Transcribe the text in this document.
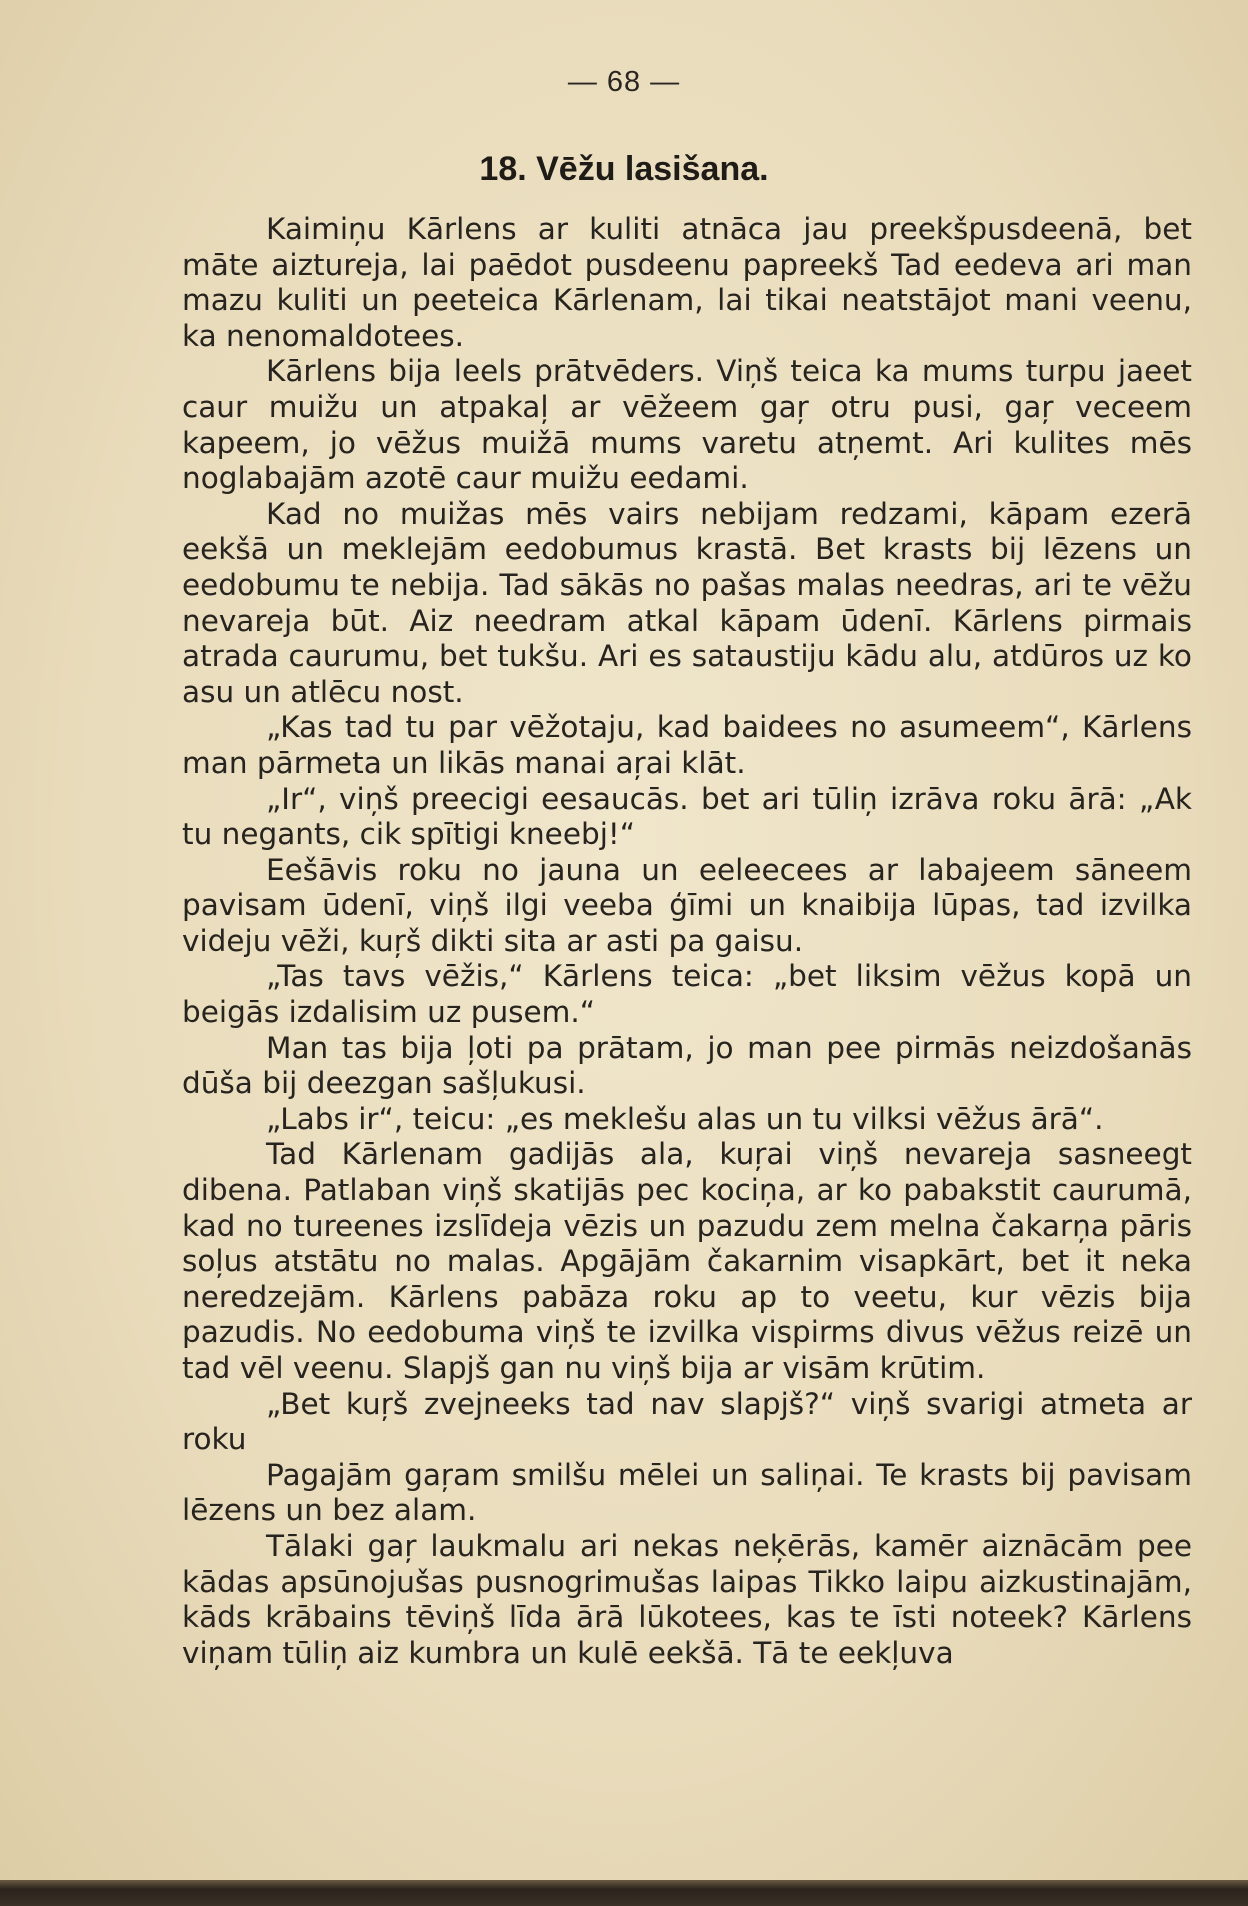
— 68 —
18. Vēžu lasišana.

Kaimiņu Kārlens ar kuliti atnāca jau preekšpusdeenā, bet māte aiztureja, lai paēdot pusdeenu papreekš Tad eedeva ari man mazu kuliti un peeteica Kārlenam, lai tikai neatstājot mani veenu, ka nenomaldotees.

Kārlens bija leels prātvēders. Viņš teica ka mums turpu jaeet caur muižu un atpakaļ ar vēžeem gaŗ otru pusi, gaŗ veceem kapeem, jo vēžus muižā mums varetu atņemt. Ari kulites mēs noglabajām azotē caur muižu eedami.

Kad no muižas mēs vairs nebijam redzami, kāpam ezerā eekšā un meklejām eedobumus krastā. Bet krasts bij lēzens un eedobumu te nebija. Tad sākās no pašas malas needras, ari te vēžu nevareja būt. Aiz needram atkal kāpam ūdenī. Kārlens pirmais atrada caurumu, bet tukšu. Ari es sataustiju kādu alu, atdūros uz ko asu un atlēcu nost.

„Kas tad tu par vēžotaju, kad baidees no asumeem“, Kārlens man pārmeta un likās manai aŗai klāt.

„Ir“, viņš preecigi eesaucās. bet ari tūliņ izrāva roku ārā: „Ak tu negants, cik spītigi kneebj!“

Eešāvis roku no jauna un eeleecees ar labajeem sāneem pavisam ūdenī, viņš ilgi veeba ģīmi un knaibija lūpas, tad izvilka videju vēži, kuŗš dikti sita ar asti pa gaisu.

„Tas tavs vēžis,“ Kārlens teica: „bet liksim vēžus kopā un beigās izdalisim uz pusem.“

Man tas bija ļoti pa prātam, jo man pee pirmās neizdošanās dūša bij deezgan sašļukusi.

„Labs ir“, teicu: „es meklešu alas un tu vilksi vēžus ārā“.

Tad Kārlenam gadijās ala, kuŗai viņš nevareja sasneegt dibena. Patlaban viņš skatijās pec kociņa, ar ko pabakstit caurumā, kad no tureenes izslīdeja vēzis un pazudu zem melna čakarņa pāris soļus atstātu no malas. Apgājām čakarnim visapkārt, bet it neka neredzejām. Kārlens pabāza roku ap to veetu, kur vēzis bija pazudis. No eedobuma viņš te izvilka vispirms divus vēžus reizē un tad vēl veenu. Slapjš gan nu viņš bija ar visām krūtim.

„Bet kuŗš zvejneeks tad nav slapjš?“ viņš svarigi atmeta ar roku

Pagajām gaŗam smilšu mēlei un saliņai. Te krasts bij pavisam lēzens un bez alam.

Tālaki gaŗ laukmalu ari nekas neķērās, kamēr aiznācām pee kādas apsūnojušas pusnogrimušas laipas Tikko laipu aizkustinajām, kāds krābains tēviņš līda ārā lūkotees, kas te īsti noteek? Kārlens viņam tūliņ aiz kumbra un kulē eekšā. Tā te eekļuva
